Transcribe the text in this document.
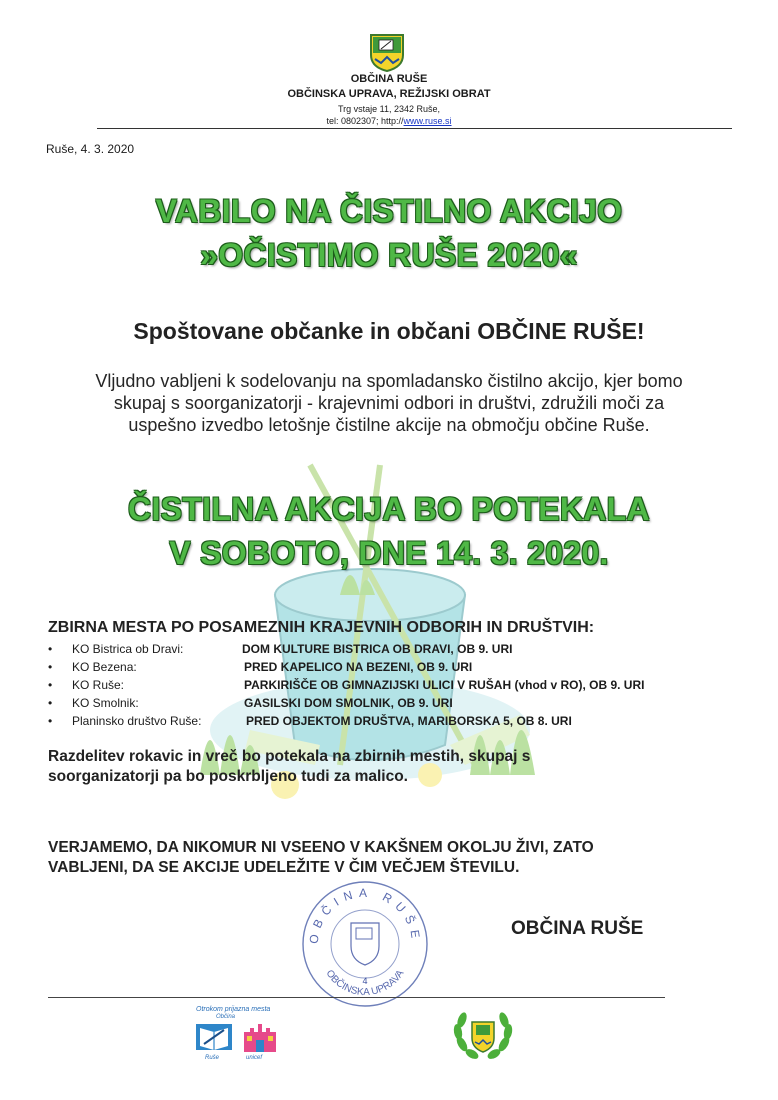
OBČINA RUŠE
OBČINSKA UPRAVA, REŽIJSKI OBRAT
Trg vstaje 11, 2342 Ruše,
tel: 0802307; http://www.ruse.si
Ruše, 4. 3. 2020
VABILO NA ČISTILNO AKCIJO
»OČISTIMO RUŠE 2020«
Spoštovane občanke in občani OBČINE RUŠE!
Vljudno vabljeni k sodelovanju na spomladansko čistilno akcijo, kjer bomo
skupaj s soorganizatorji - krajevnimi odbori in društvi, združili moči za
uspešno izvedbo letošnje čistilne akcije na območju občine Ruše.
ČISTILNA AKCIJA BO POTEKALA
V SOBOTO, DNE 14. 3. 2020.
ZBIRNA MESTA PO POSAMEZNIH KRAJEVNIH ODBORIH IN DRUŠTVIH:
• KO Bistrica ob Dravi:	DOM KULTURE BISTRICA OB DRAVI, OB 9. URI
• KO Bezena:	PRED KAPELICO NA BEZENI, OB 9. URI
• KO Ruše:	PARKIRIŠČE OB GIMNAZIJSKI ULICI V RUŠAH (vhod v RO), OB 9. URI
• KO Smolnik:	GASILSKI DOM SMOLNIK, OB 9. URI
• Planinsko društvo Ruše:	PRED OBJEKTOM DRUŠTVA, MARIBORSKA 5, OB 8. URI
Razdelitev rokavic in vreč bo potekala na zbirnih mestih, skupaj s
soorganizatorji pa bo poskrbljeno tudi za malico.
VERJAMEMO, DA NIKOMUR NI VSEENO V KAKŠNEM OKOLJU ŽIVI, ZATO
VABLJENI, DA SE AKCIJE UDELEŽITE V ČIM VEČJEM ŠTEVILU.
OBČINA RUŠE
OBČINSKA UPRAVA
4
OBČINA RUŠE
Otrokom prijazna mesta
Občina
Ruše	unicef
